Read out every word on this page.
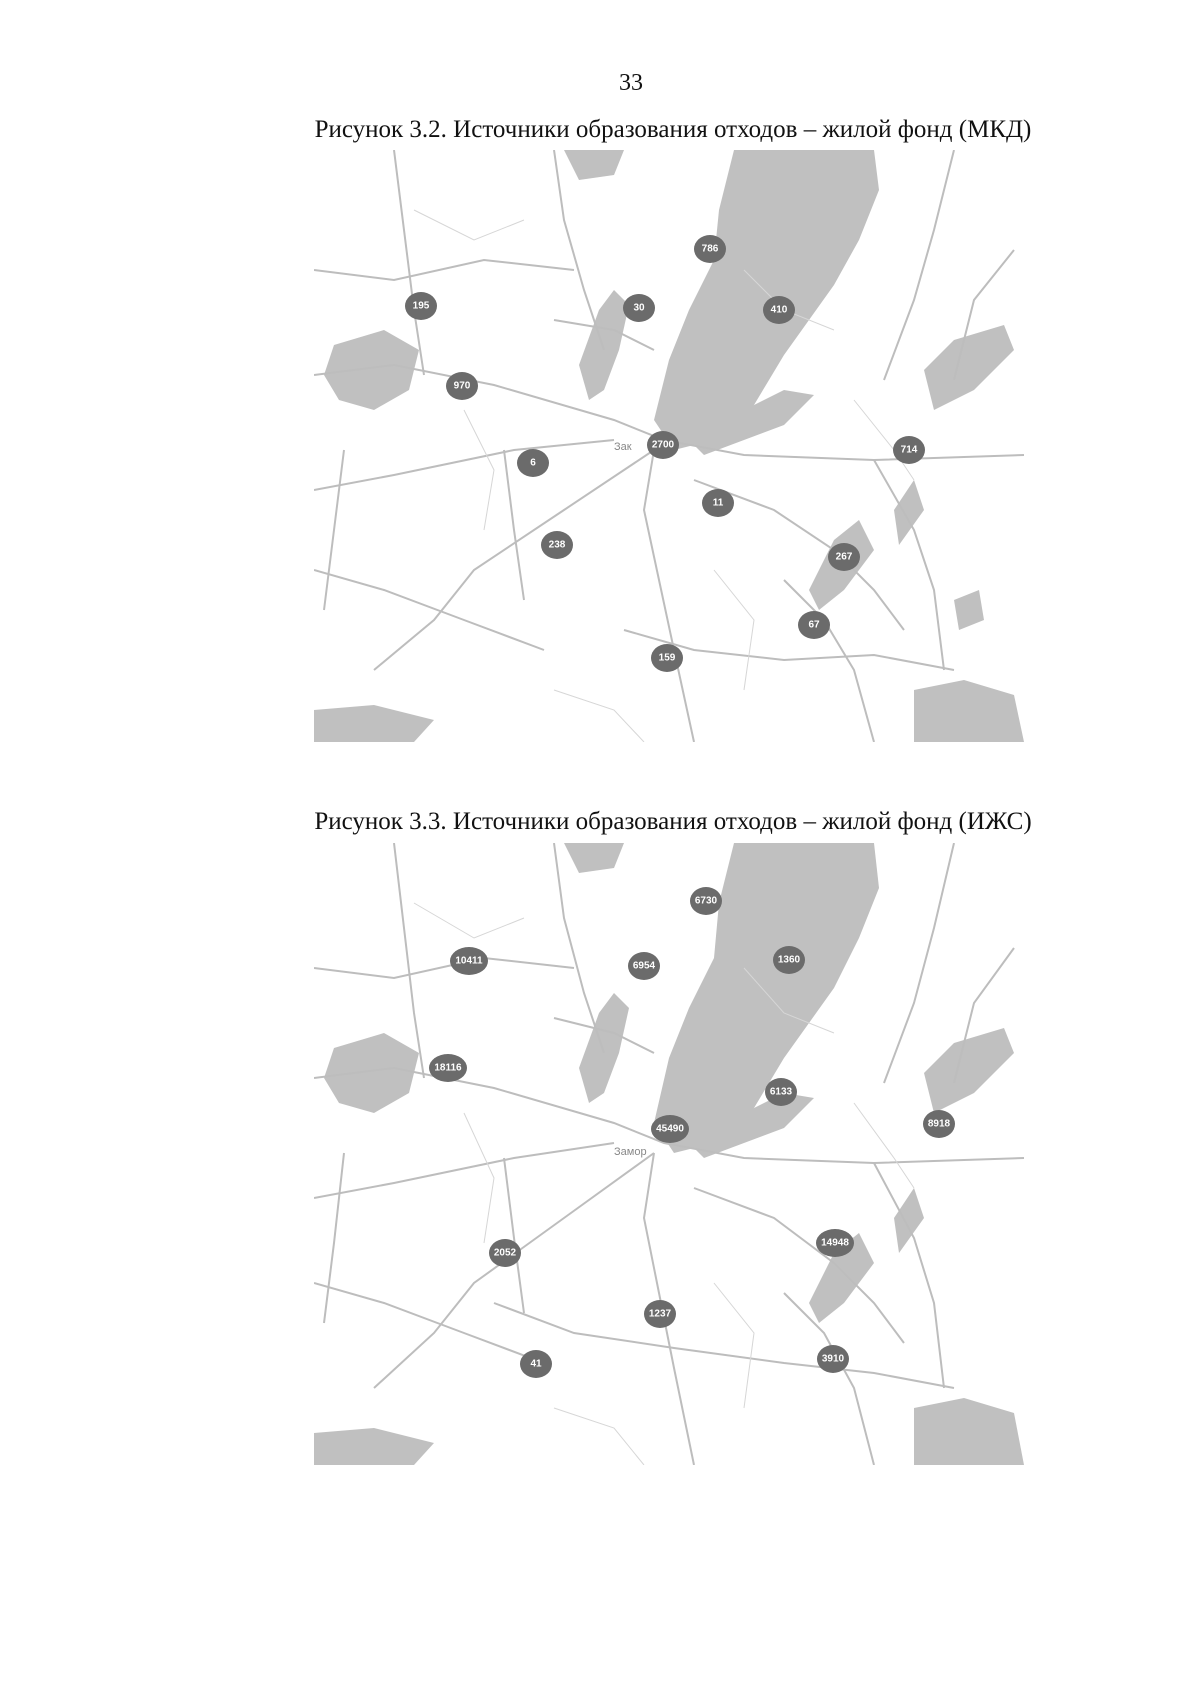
33
Рисунок 3.2. Источники образования отходов – жилой фонд (МКД)
Зак
786
30	410
195
970
2700	714
6
11
238
267
67
159
Рисунок 3.3. Источники образования отходов – жилой фонд (ИЖС)
Замор
6730
10411	6954
1360
18116
6133
45490	8918
2052
14948
1237
41	3910
